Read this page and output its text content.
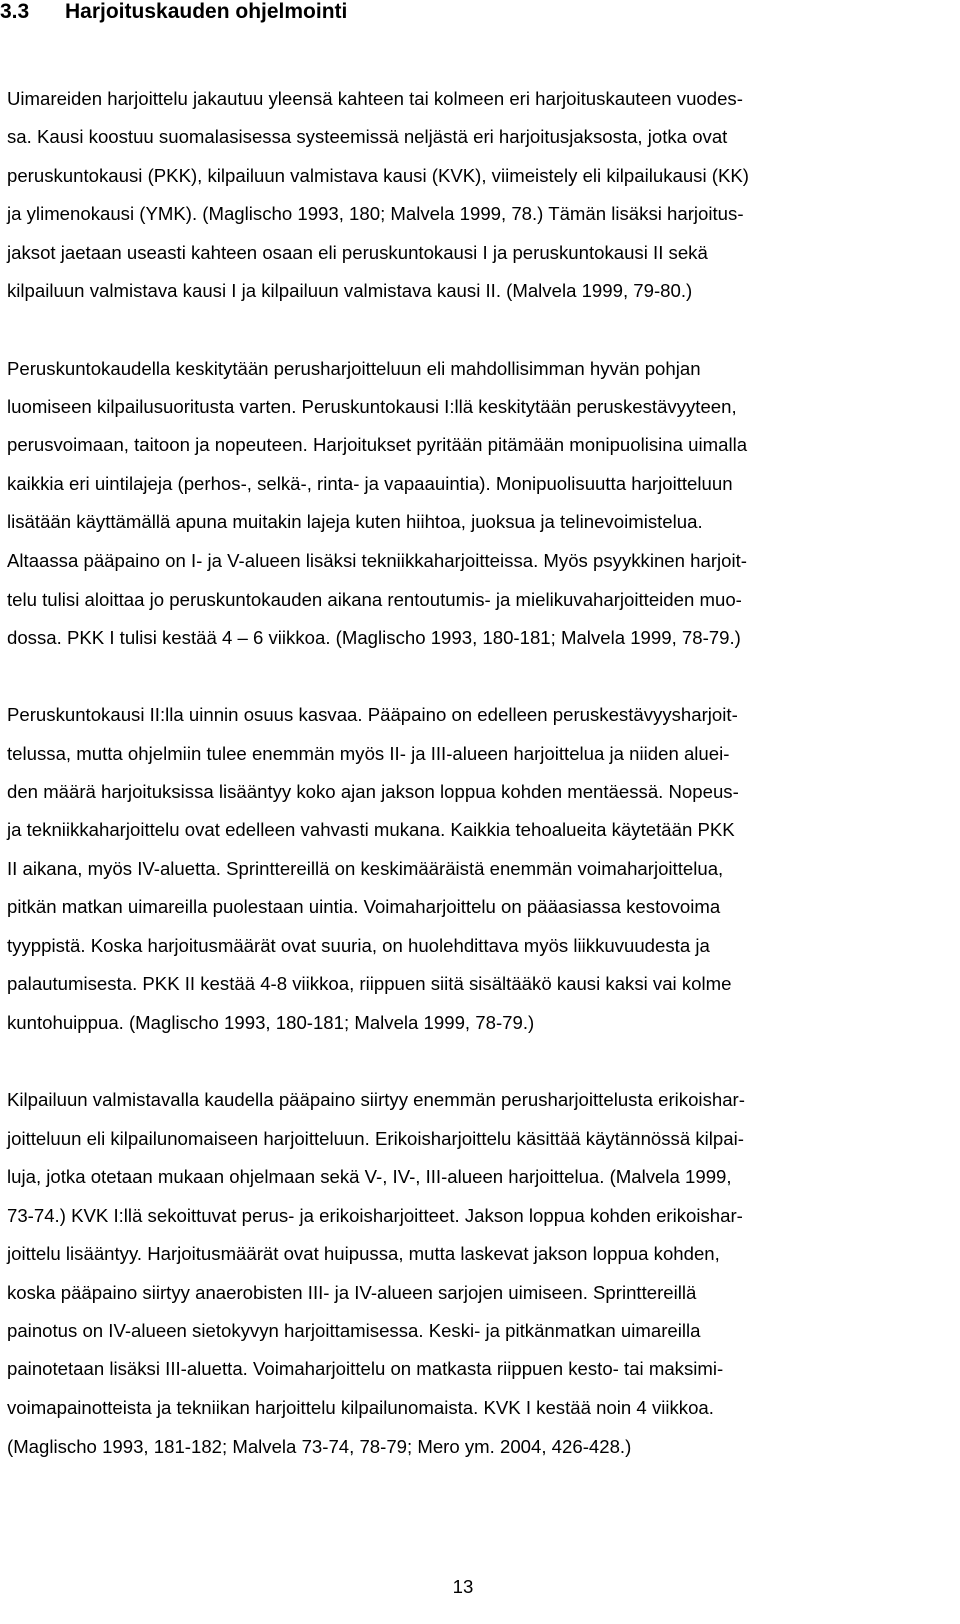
3.3 Harjoituskauden ohjelmointi

Uimareiden harjoittelu jakautuu yleensä kahteen tai kolmeen eri harjoituskauteen vuodes-

sa. Kausi koostuu suomalasisessa systeemissä neljästä eri harjoitusjaksosta, jotka ovat

peruskuntokausi (PKK), kilpailuun valmistava kausi (KVK), viimeistely eli kilpailukausi (KK)

ja ylimenokausi (YMK). (Maglischo 1993, 180; Malvela 1999, 78.) Tämän lisäksi harjoitus-

jaksot jaetaan useasti kahteen osaan eli peruskuntokausi I ja peruskuntokausi II sekä

kilpailuun valmistava kausi I ja kilpailuun valmistava kausi II. (Malvela 1999, 79-80.)

Peruskuntokaudella keskitytään perusharjoitteluun eli mahdollisimman hyvän pohjan

luomiseen kilpailusuoritusta varten. Peruskuntokausi I:llä keskitytään peruskestävyyteen,

perusvoimaan, taitoon ja nopeuteen. Harjoitukset pyritään pitämään monipuolisina uimalla

kaikkia eri uintilajeja (perhos-, selkä-, rinta- ja vapaauintia). Monipuolisuutta harjoitteluun

lisätään käyttämällä apuna muitakin lajeja kuten hiihtoa, juoksua ja telinevoimistelua.

Altaassa pääpaino on I- ja V-alueen lisäksi tekniikkaharjoitteissa. Myös psyykkinen harjoit-

telu tulisi aloittaa jo peruskuntokauden aikana rentoutumis- ja mielikuvaharjoitteiden muo-

dossa. PKK I tulisi kestää 4 – 6 viikkoa. (Maglischo 1993, 180-181; Malvela 1999, 78-79.)

Peruskuntokausi II:lla uinnin osuus kasvaa. Pääpaino on edelleen peruskestävyysharjoit-

telussa, mutta ohjelmiin tulee enemmän myös II- ja III-alueen harjoittelua ja niiden aluei-

den määrä harjoituksissa lisääntyy koko ajan jakson loppua kohden mentäessä. Nopeus-

ja tekniikkaharjoittelu ovat edelleen vahvasti mukana. Kaikkia tehoalueita käytetään PKK

II aikana, myös IV-aluetta. Sprinttereillä on keskimääräistä enemmän voimaharjoittelua,

pitkän matkan uimareilla puolestaan uintia. Voimaharjoittelu on pääasiassa kestovoima

tyyppistä. Koska harjoitusmäärät ovat suuria, on huolehdittava myös liikkuvuudesta ja

palautumisesta. PKK II kestää 4-8 viikkoa, riippuen siitä sisältääkö kausi kaksi vai kolme

kuntohuippua. (Maglischo 1993, 180-181; Malvela 1999, 78-79.)

Kilpailuun valmistavalla kaudella pääpaino siirtyy enemmän perusharjoittelusta erikoishar-

joitteluun eli kilpailunomaiseen harjoitteluun. Erikoisharjoittelu käsittää käytännössä kilpai-

luja, jotka otetaan mukaan ohjelmaan sekä V-, IV-, III-alueen harjoittelua. (Malvela 1999,

73-74.) KVK I:llä sekoittuvat perus- ja erikoisharjoitteet. Jakson loppua kohden erikoishar-

joittelu lisääntyy. Harjoitusmäärät ovat huipussa, mutta laskevat jakson loppua kohden,

koska pääpaino siirtyy anaerobisten III- ja IV-alueen sarjojen uimiseen. Sprinttereillä

painotus on IV-alueen sietokyvyn harjoittamisessa. Keski- ja pitkänmatkan uimareilla

painotetaan lisäksi III-aluetta. Voimaharjoittelu on matkasta riippuen kesto- tai maksimi-

voimapainotteista ja tekniikan harjoittelu kilpailunomaista. KVK I kestää noin 4 viikkoa.

(Maglischo 1993, 181-182; Malvela 73-74, 78-79; Mero ym. 2004, 426-428.)

13
